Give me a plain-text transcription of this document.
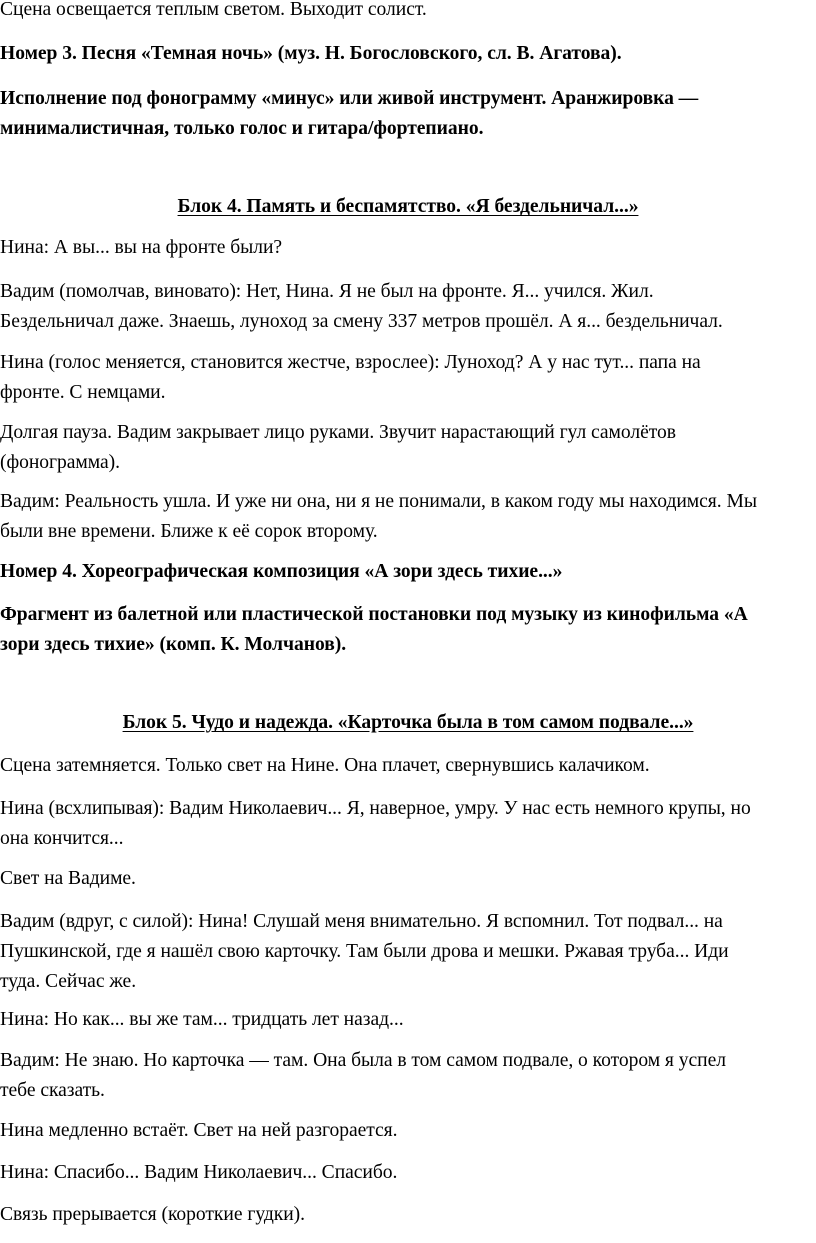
Сцена освещается теплым светом. Выходит солист.

Номер 3. Песня «Темная ночь» (муз. Н. Богословского, сл. В. Агатова).

Исполнение под фонограмму «минус» или живой инструмент. Аранжировка —
минималистичная, только голос и гитара/фортепиано.

Блок 4. Память и беспамятство. «Я бездельничал...»

Нина: А вы... вы на фронте были?

Вадим (помолчав, виновато): Нет, Нина. Я не был на фронте. Я... учился. Жил.
Бездельничал даже. Знаешь, луноход за смену 337 метров прошёл. А я... бездельничал.

Нина (голос меняется, становится жестче, взрослее): Луноход? А у нас тут... папа на
фронте. С немцами.

Долгая пауза. Вадим закрывает лицо руками. Звучит нарастающий гул самолётов
(фонограмма).

Вадим: Реальность ушла. И уже ни она, ни я не понимали, в каком году мы находимся. Мы
были вне времени. Ближе к её сорок второму.

Номер 4. Хореографическая композиция «А зори здесь тихие...»

Фрагмент из балетной или пластической постановки под музыку из кинофильма «А
зори здесь тихие» (комп. К. Молчанов).

Блок 5. Чудо и надежда. «Карточка была в том самом подвале...»

Сцена затемняется. Только свет на Нине. Она плачет, свернувшись калачиком.

Нина (всхлипывая): Вадим Николаевич... Я, наверное, умру. У нас есть немного крупы, но
она кончится...

Свет на Вадиме.

Вадим (вдруг, с силой): Нина! Слушай меня внимательно. Я вспомнил. Тот подвал... на
Пушкинской, где я нашёл свою карточку. Там были дрова и мешки. Ржавая труба... Иди
туда. Сейчас же.

Нина: Но как... вы же там... тридцать лет назад...

Вадим: Не знаю. Но карточка — там. Она была в том самом подвале, о котором я успел
тебе сказать.

Нина медленно встаёт. Свет на ней разгорается.

Нина: Спасибо... Вадим Николаевич... Спасибо.

Связь прерывается (короткие гудки).
